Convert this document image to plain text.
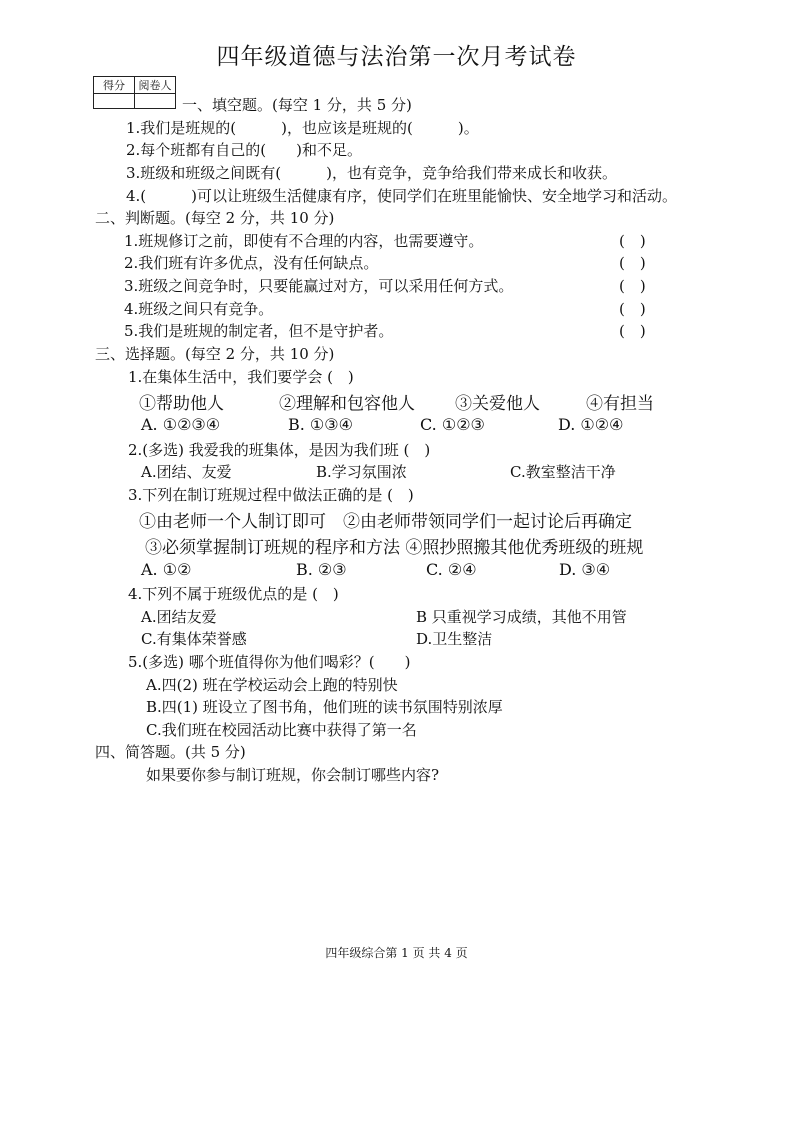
四年级道德与法治第一次月考试卷
得分	阅卷人

一、填空题。(每空 1 分，共 5 分)
1.我们是班规的(　　　)，也应该是班规的(　　　)。
2.每个班都有自己的(　　)和不足。
3.班级和班级之间既有(　　　)，也有竞争，竞争给我们带来成长和收获。
4.(　　　)可以让班级生活健康有序，使同学们在班里能愉快、安全地学习和活动。
二、判断题。(每空 2 分，共 10 分)
1.班规修订之前，即使有不合理的内容，也需要遵守。	(　)
2.我们班有许多优点，没有任何缺点。	(　)
3.班级之间竞争时，只要能赢过对方，可以采用任何方式。	(　)
4.班级之间只有竞争。	(　)
5.我们是班规的制定者，但不是守护者。	(　)
三、选择题。(每空 2 分，共 10 分)
1.在集体生活中，我们要学会 (　)
①帮助他人	②理解和包容他人 ③关爱他人	④有担当
A. ①②③④	B. ①③④	C. ①②③	D. ①②④
2.(多选) 我爱我的班集体，是因为我们班 (　)
A.团结、友爱	B.学习氛围浓	C.教室整洁干净
3.下列在制订班规过程中做法正确的是 (　)
①由老师一个人制订即可　②由老师带领同学们一起讨论后再确定
③必须掌握制订班规的程序和方法 ④照抄照搬其他优秀班级的班规
A. ①②	B. ②③	C. ②④	D. ③④
4.下列不属于班级优点的是 (　)
A.团结友爱	B 只重视学习成绩，其他不用管
C.有集体荣誉感	D.卫生整洁
5.(多选) 哪个班值得你为他们喝彩？(　　)
A.四(2) 班在学校运动会上跑的特别快
B.四(1) 班设立了图书角，他们班的读书氛围特别浓厚
C.我们班在校园活动比赛中获得了第一名
四、简答题。(共 5 分)
如果要你参与制订班规，你会制订哪些内容?
四年级综合第 1 页 共 4 页
